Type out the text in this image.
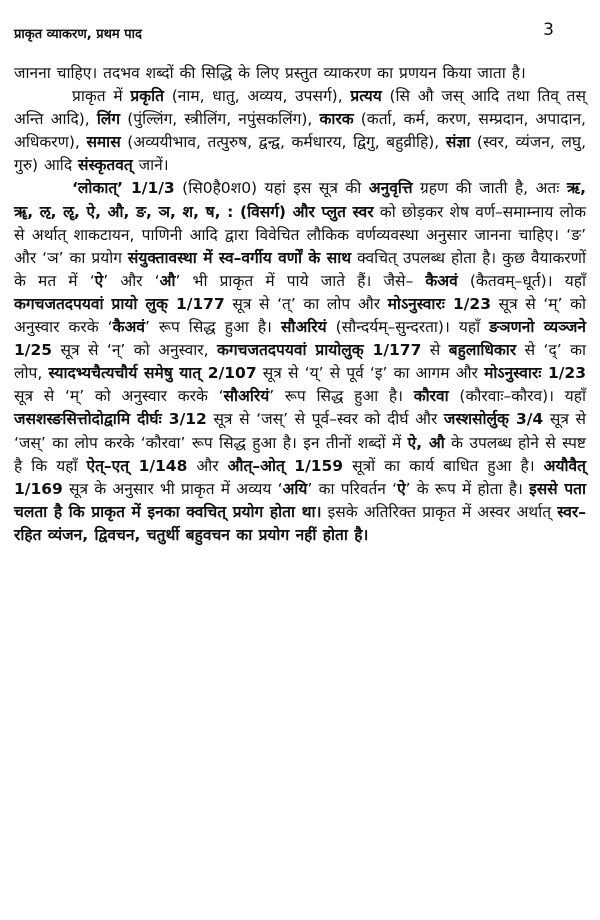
प्राकृत व्याकरण, प्रथम पाद	3

जानना चाहिए। तदभव शब्दों की सिद्धि के लिए प्रस्तुत व्याकरण का प्रणयन किया जाता है।

प्राकृत में प्रकृति (नाम, धातु, अव्यय, उपसर्ग), प्रत्यय (सि औ जस् आदि तथा तिव् तस् अन्ति आदि), लिंग (पुंल्लिंग, स्त्रीलिंग, नपुंसकलिंग), कारक (कर्ता, कर्म, करण, सम्प्रदान, अपादान, अधिकरण), समास (अव्ययीभाव, तत्पुरुष, द्वन्द्व, कर्मधारय, द्विगु, बहुव्रीहि), संज्ञा (स्वर, व्यंजन, लघु, गुरु) आदि संस्कृतवत् जानें।

‘लोकात्’ 1/1/3 (सि0है0श0) यहां इस सूत्र की अनुवृत्ति ग्रहण की जाती है, अतः ऋ, ॠ, ऌ, ॡ, ऐ, औ, ङ, ञ, श, ष, : (विसर्ग) और प्लुत स्वर को छोड़कर शेष वर्ण–समाम्नाय लोक से अर्थात् शाकटायन, पाणिनी आदि द्वारा विवेचित लौकिक वर्णव्यवस्था अनुसार जानना चाहिए। ‘ङ’ और ‘ञ’ का प्रयोग संयुक्तावस्था में स्व–वर्गीय वर्णों के साथ क्वचित् उपलब्ध होता है। कुछ वैयाकरणों के मत में ‘ऐ’ और ‘औ’ भी प्राकृत में पाये जाते हैं। जैसे– कैअवं (कैतवम्–धूर्त)। यहाँ कगचजतदपयवां प्रायो लुक् 1/177 सूत्र से ‘त्’ का लोप और मोऽनुस्वारः 1/23 सूत्र से ‘म्’ को अनुस्वार करके ‘कैअवं’ रूप सिद्ध हुआ है। सौअरियं (सौन्दर्यम्–सुन्दरता)। यहाँ ङञणनो व्यञ्जने 1/25 सूत्र से ‘न्’ को अनुस्वार, कगचजतदपयवां प्रायोलुक् 1/177 से बहुलाधिकार से ‘द्’ का लोप, स्यादभ्यचैत्यचौर्य समेषु यात् 2/107 सूत्र से ‘य्’ से पूर्व ‘इ’ का आगम और मोऽनुस्वारः 1/23 सूत्र से ‘म्’ को अनुस्वार करके ‘सौअरियं’ रूप सिद्ध हुआ है। कौरवा (कौरवाः–कौरव)। यहाँ जसशस्ङसित्तोदोद्वामि दीर्घः 3/12 सूत्र से ‘जस्’ से पूर्व–स्वर को दीर्घ और जस्शसोर्लुक् 3/4 सूत्र से ‘जस्’ का लोप करके ‘कौरवा’ रूप सिद्ध हुआ है। इन तीनों शब्दों में ऐ, औ के उपलब्ध होने से स्पष्ट है कि यहाँ ऐत्–एत् 1/148 और औत्–ओत् 1/159 सूत्रों का कार्य बाधित हुआ है। अयौवैत् 1/169 सूत्र के अनुसार भी प्राकृत में अव्यय ‘अयि’ का परिवर्तन ‘ऐ’ के रूप में होता है। इससे पता चलता है कि प्राकृत में इनका क्वचित् प्रयोग होता था। इसके अतिरिक्त प्राकृत में अस्वर अर्थात् स्वर–रहित व्यंजन, द्विवचन, चतुर्थी बहुवचन का प्रयोग नहीं होता है।
